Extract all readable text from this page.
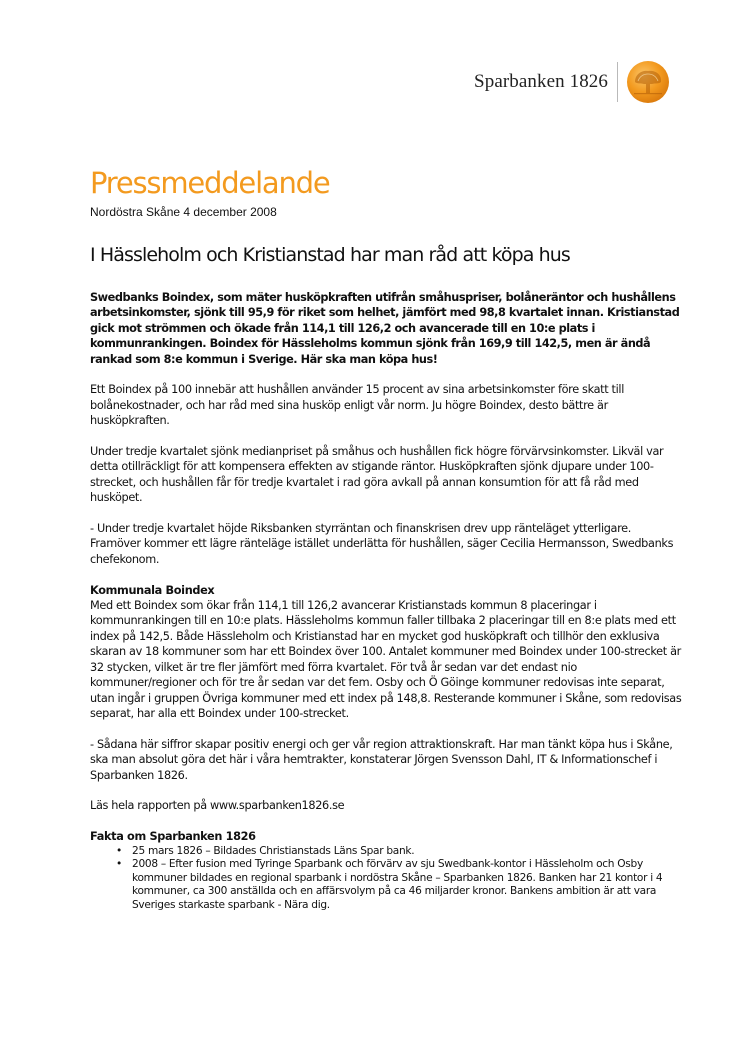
Sparbanken 1826
Pressmeddelande
Nordöstra Skåne 4 december 2008
I Hässleholm och Kristianstad har man råd att köpa hus

Swedbanks Boindex, som mäter husköpkraften utifrån småhuspriser, bolåneräntor och hushållens arbetsinkomster, sjönk till 95,9 för riket som helhet, jämfört med 98,8 kvartalet innan. Kristianstad gick mot strömmen och ökade från 114,1 till 126,2 och avancerade till en 10:e plats i kommunrankingen. Boindex för Hässleholms kommun sjönk från 169,9 till 142,5, men är ändå rankad som 8:e kommun i Sverige. Här ska man köpa hus!

Ett Boindex på 100 innebär att hushållen använder 15 procent av sina arbetsinkomster före skatt till bolånekostnader, och har råd med sina husköp enligt vår norm. Ju högre Boindex, desto bättre är husköpkraften.

Under tredje kvartalet sjönk medianpriset på småhus och hushållen fick högre förvärvsinkomster. Likväl var detta otillräckligt för att kompensera effekten av stigande räntor. Husköpkraften sjönk djupare under 100-strecket, och hushållen får för tredje kvartalet i rad göra avkall på annan konsumtion för att få råd med husköpet.

- Under tredje kvartalet höjde Riksbanken styrräntan och finanskrisen drev upp ränteläget ytterligare. Framöver kommer ett lägre ränteläge istället underlätta för hushållen, säger Cecilia Hermansson, Swedbanks chefekonom.

Kommunala Boindex

Med ett Boindex som ökar från 114,1 till 126,2 avancerar Kristianstads kommun 8 placeringar i kommunrankingen till en 10:e plats. Hässleholms kommun faller tillbaka 2 placeringar till en 8:e plats med ett index på 142,5. Både Hässleholm och Kristianstad har en mycket god husköpkraft och tillhör den exklusiva skaran av 18 kommuner som har ett Boindex över 100. Antalet kommuner med Boindex under 100-strecket är 32 stycken, vilket är tre fler jämfört med förra kvartalet. För två år sedan var det endast nio kommuner/regioner och för tre år sedan var det fem. Osby och Ö Göinge kommuner redovisas inte separat, utan ingår i gruppen Övriga kommuner med ett index på 148,8. Resterande kommuner i Skåne, som redovisas separat, har alla ett Boindex under 100-strecket.

- Sådana här siffror skapar positiv energi och ger vår region attraktionskraft. Har man tänkt köpa hus i Skåne, ska man absolut göra det här i våra hemtrakter, konstaterar Jörgen Svensson Dahl, IT & Informationschef i Sparbanken 1826.

Läs hela rapporten på www.sparbanken1826.se

Fakta om Sparbanken 1826
• 25 mars 1826 – Bildades Christianstads Läns Spar bank.
• 2008 – Efter fusion med Tyringe Sparbank och förvärv av sju Swedbank-kontor i Hässleholm och Osby kommuner bildades en regional sparbank i nordöstra Skåne – Sparbanken 1826. Banken har 21 kontor i 4 kommuner, ca 300 anställda och en affärsvolym på ca 46 miljarder kronor. Bankens ambition är att vara Sveriges starkaste sparbank - Nära dig.
